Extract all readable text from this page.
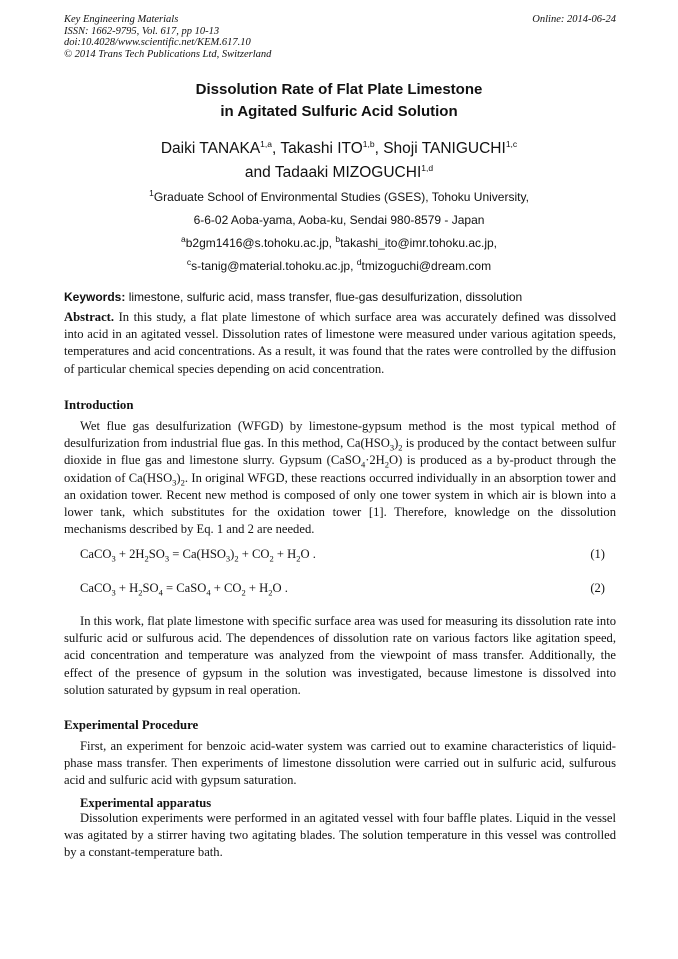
Key Engineering Materials
ISSN: 1662-9795, Vol. 617, pp 10-13
doi:10.4028/www.scientific.net/KEM.617.10
© 2014 Trans Tech Publications Ltd, Switzerland
Online: 2014-06-24
Dissolution Rate of Flat Plate Limestone
in Agitated Sulfuric Acid Solution
Daiki TANAKA$^{1,a}$, Takashi ITO$^{1,b}$, Shoji TANIGUCHI$^{1,c}$
and Tadaaki MIZOGUCHI$^{1,d}$
$^1$Graduate School of Environmental Studies (GSES), Tohoku University,
6-6-02 Aoba-yama, Aoba-ku, Sendai 980-8579 - Japan
$^a$b2gm1416@s.tohoku.ac.jp, $^b$takashi_ito@imr.tohoku.ac.jp,
$^c$s-tanig@material.tohoku.ac.jp, $^d$tmizoguchi@dream.com
Keywords: limestone, sulfuric acid, mass transfer, flue-gas desulfurization, dissolution
Abstract. In this study, a flat plate limestone of which surface area was accurately defined was dissolved into acid in an agitated vessel. Dissolution rates of limestone were measured under various agitation speeds, temperatures and acid concentrations. As a result, it was found that the rates were controlled by the diffusion of particular chemical species depending on acid concentration.
Introduction
Wet flue gas desulfurization (WFGD) by limestone-gypsum method is the most typical method of desulfurization from industrial flue gas. In this method, $Ca(HSO_3)_2$ is produced by the contact between sulfur dioxide in flue gas and limestone slurry. Gypsum $(CaSO_4\cdot 2H_2O)$ is produced as a by-product through the oxidation of $Ca(HSO_3)_2$. In original WFGD, these reactions occurred individually in an absorption tower and an oxidation tower. Recent new method is composed of only one tower system in which air is blown into a lower tank, which substitutes for the oxidation tower [1]. Therefore, knowledge on the dissolution mechanisms described by Eq. 1 and 2 are needed.
CaCO$_3$ + $2H_2SO_3 = Ca(HSO_3)_2 + CO_2 + H_2O$ .	(1)
CaCO$_3$ + $H_2SO_4$ = CaSO$_4$ + $CO_2 + H_2O$ .	(2)
In this work, flat plate limestone with specific surface area was used for measuring its dissolution rate into sulfuric acid or sulfurous acid. The dependences of dissolution rate on various factors like agitation speed, acid concentration and temperature was analyzed from the viewpoint of mass transfer. Additionally, the effect of the presence of gypsum in the solution was investigated, because limestone is dissolved into solution saturated by gypsum in real operation.
Experimental Procedure
First, an experiment for benzoic acid-water system was carried out to examine characteristics of liquid-phase mass transfer. Then experiments of limestone dissolution were carried out in sulfuric acid, sulfurous acid and sulfuric acid with gypsum saturation.
Experimental apparatus
Dissolution experiments were performed in an agitated vessel with four baffle plates. Liquid in the vessel was agitated by a stirrer having two agitating blades. The solution temperature in this vessel was controlled by a constant-temperature bath.
